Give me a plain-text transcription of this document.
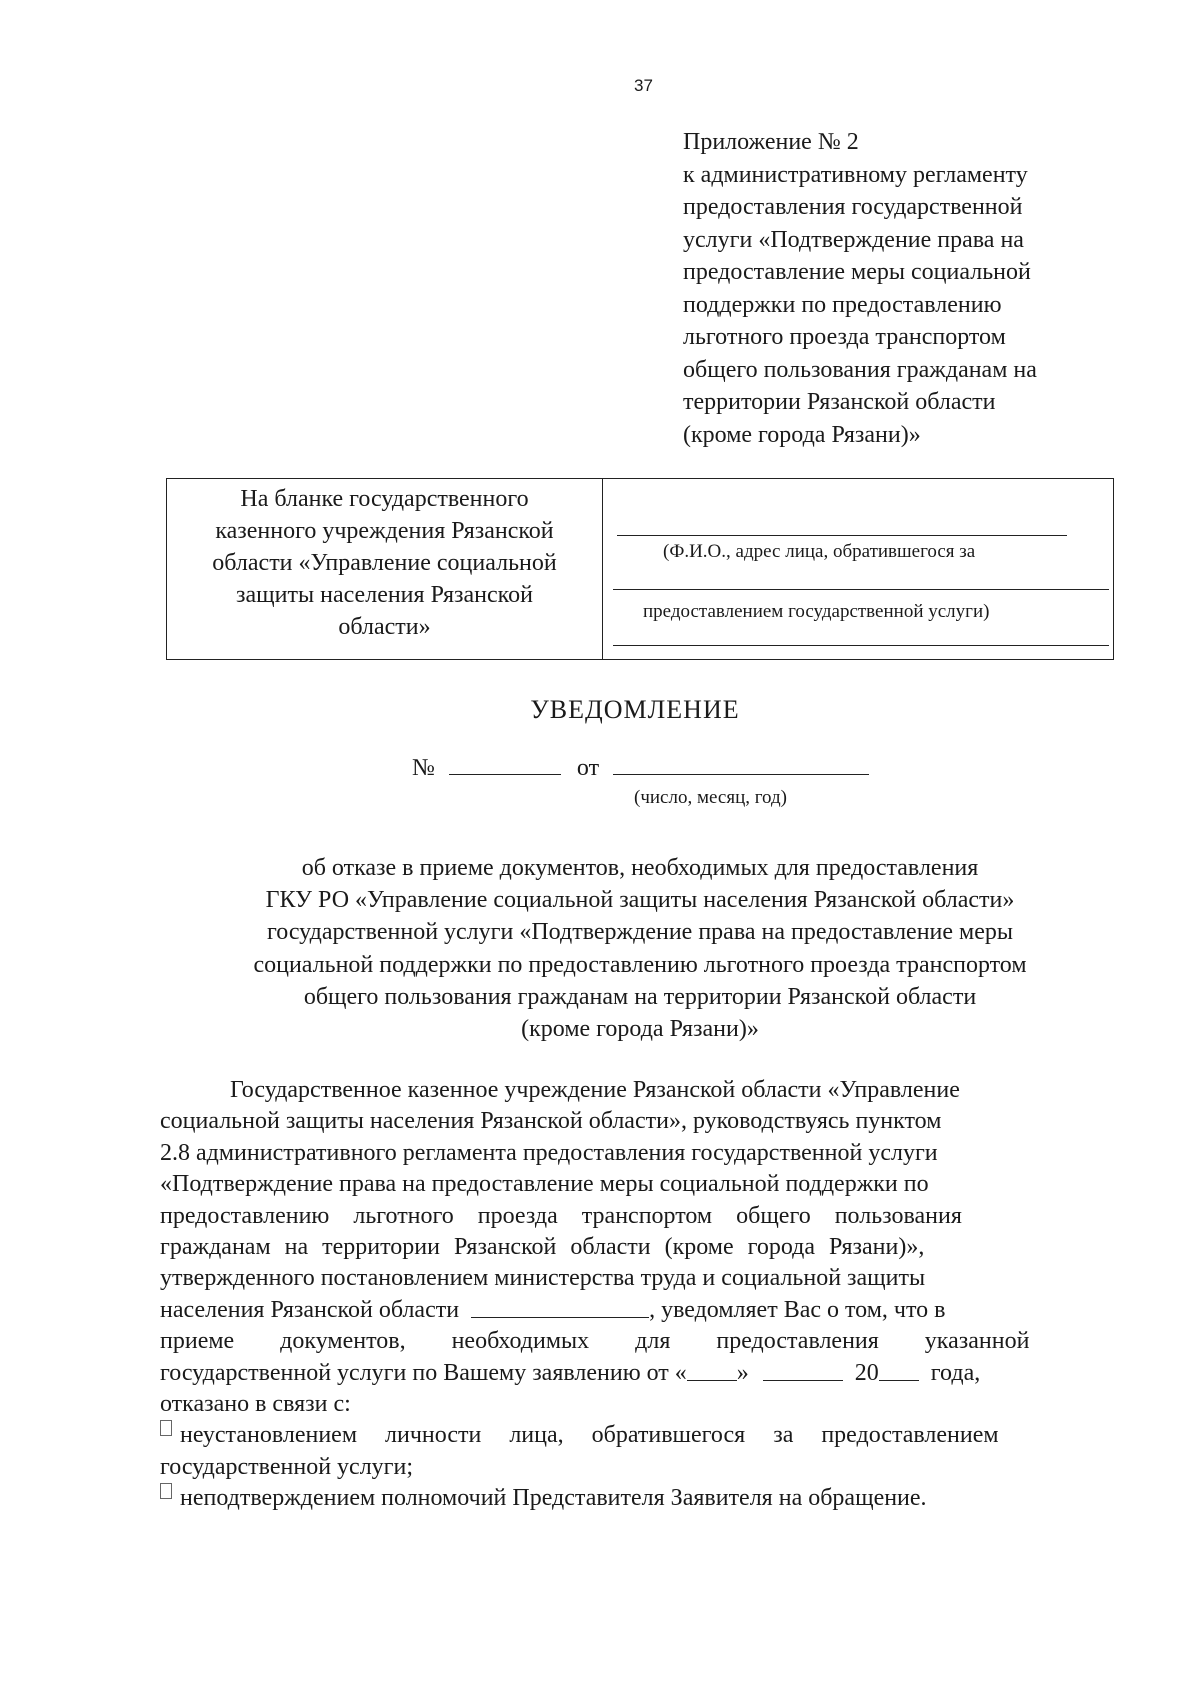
37
Приложение № 2
к административному регламенту
предоставления государственной
услуги «Подтверждение права на
предоставление меры социальной
поддержки по предоставлению
льготного проезда транспортом
общего пользования гражданам на
территории Рязанской области
(кроме города Рязани)»
На бланке государственного
казенного учреждения Рязанской
области «Управление социальной
защиты населения Рязанской
области»
(Ф.И.О., адрес лица, обратившегося за
предоставлением государственной услуги)
УВЕДОМЛЕНИЕ
№	от
(число, месяц, год)
об отказе в приеме документов, необходимых для предоставления
ГКУ РО «Управление социальной защиты населения Рязанской области»
государственной услуги «Подтверждение права на предоставление меры
социальной поддержки по предоставлению льготного проезда транспортом
общего пользования гражданам на территории Рязанской области
(кроме города Рязани)»
Государственное казенное учреждение Рязанской области «Управление
социальной защиты населения Рязанской области», руководствуясь пунктом
2.8 административного регламента предоставления государственной услуги
«Подтверждение права на предоставление меры социальной поддержки по
предоставлению льготного проезда транспортом общего пользования
гражданам на территории Рязанской области (кроме города Рязани)»,
утвержденного постановлением министерства труда и социальной защиты
населения Рязанской области	, уведомляет Вас о том, что в
приеме документов, необходимых для предоставления указанной
государственной услуги по Вашему заявлению от « »	20 года,
отказано в связи с:
неустановлением личности лица, обратившегося за предоставлением
государственной услуги;
неподтверждением полномочий Представителя Заявителя на обращение.
